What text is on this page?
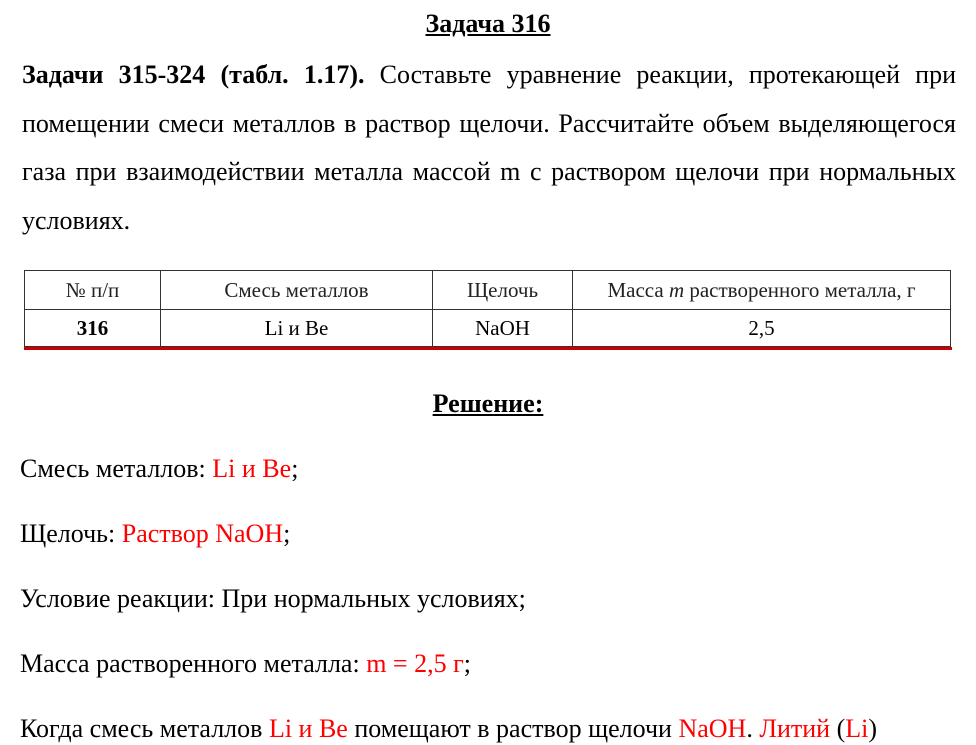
Задача 316
Задачи 315-324 (табл. 1.17). Составьте уравнение реакции, протекающей при помещении смеси металлов в раствор щелочи. Рассчитайте объем выделяющегося газа при взаимодействии металла массой m с раствором щелочи при нормальных условиях.
№ п/п	Смесь металлов	Щелочь	Масса m растворенного металла, г
316	Li и Be	NaOH	2,5
Решение:
Смесь металлов: Li и Be;
Щелочь: Раствор NaOH;
Условие реакции: При нормальных условиях;
Масса растворенного металла: m = 2,5 г;
Когда смесь металлов Li и Be помещают в раствор щелочи NaOH. Литий (Li)
